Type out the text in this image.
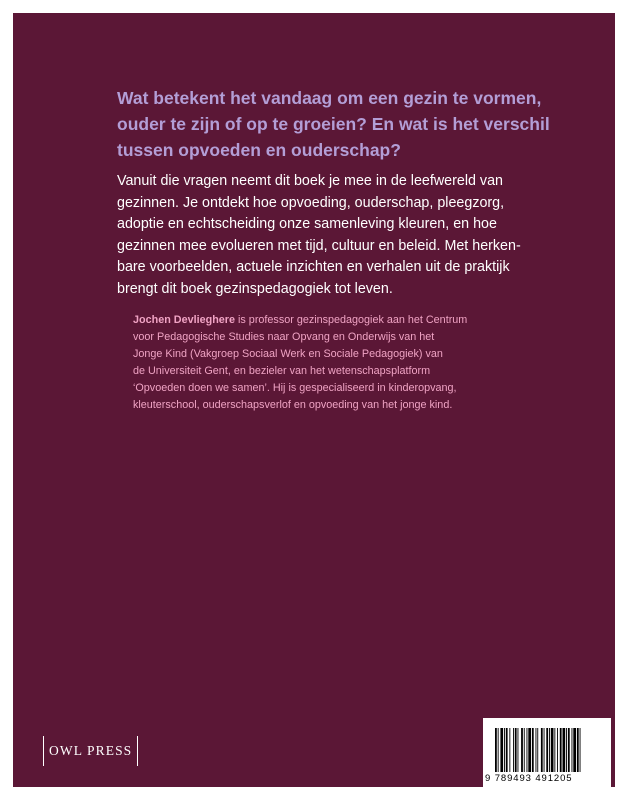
Wat betekent het vandaag om een gezin te vormen,
ouder te zijn of op te groeien? En wat is het verschil
tussen opvoeden en ouderschap?

Vanuit die vragen neemt dit boek je mee in de leefwereld van
gezinnen. Je ontdekt hoe opvoeding, ouderschap, pleegzorg,
adoptie en echtscheiding onze samenleving kleuren, en hoe
gezinnen mee evolueren met tijd, cultuur en beleid. Met herken-
bare voorbeelden, actuele inzichten en verhalen uit de praktijk
brengt dit boek gezinspedagogiek tot leven.

Jochen Devlieghere is professor gezinspedagogiek aan het Centrum
voor Pedagogische Studies naar Opvang en Onderwijs van het
Jonge Kind (Vakgroep Sociaal Werk en Sociale Pedagogiek) van
de Universiteit Gent, en bezieler van het wetenschapsplatform
‘Opvoeden doen we samen’. Hij is gespecialiseerd in kinderopvang,
kleuterschool, ouderschapsverlof en opvoeding van het jonge kind.

OWL PRESS
9 789493 491205
